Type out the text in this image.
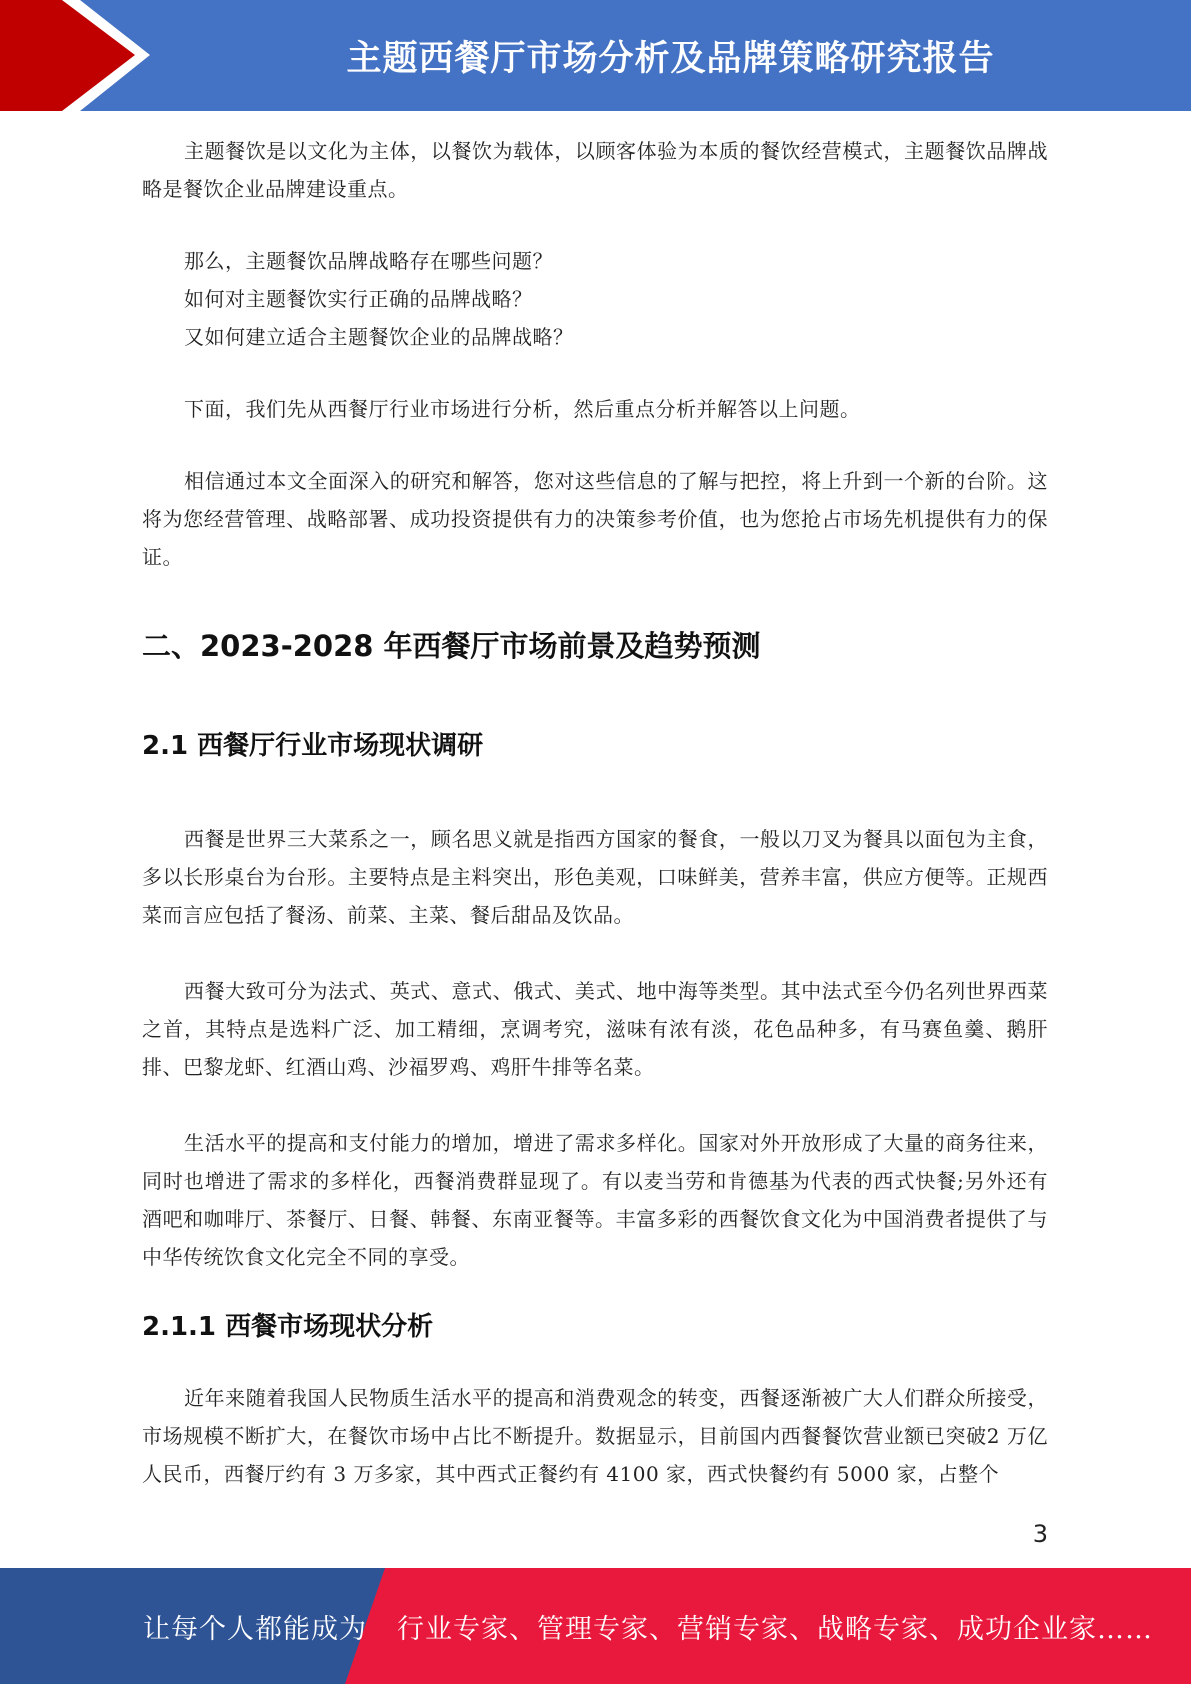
主题西餐厅市场分析及品牌策略研究报告

主题餐饮是以文化为主体，以餐饮为载体，以顾客体验为本质的餐饮经营模式，主题餐饮品牌战略是餐饮企业品牌建设重点。

那么，主题餐饮品牌战略存在哪些问题？

如何对主题餐饮实行正确的品牌战略？

又如何建立适合主题餐饮企业的品牌战略？

下面，我们先从西餐厅行业市场进行分析，然后重点分析并解答以上问题。

相信通过本文全面深入的研究和解答，您对这些信息的了解与把控，将上升到一个新的台阶。这将为您经营管理、战略部署、成功投资提供有力的决策参考价值，也为您抢占市场先机提供有力的保证。

二、2023-2028 年西餐厅市场前景及趋势预测
2.1 西餐厅行业市场现状调研

西餐是世界三大菜系之一，顾名思义就是指西方国家的餐食，一般以刀叉为餐具以面包为主食，多以长形桌台为台形。主要特点是主料突出，形色美观，口味鲜美，营养丰富，供应方便等。正规西菜而言应包括了餐汤、前菜、主菜、餐后甜品及饮品。

西餐大致可分为法式、英式、意式、俄式、美式、地中海等类型。其中法式至今仍名列世界西菜之首，其特点是选料广泛、加工精细，烹调考究，滋味有浓有淡，花色品种多，有马赛鱼羹、鹅肝排、巴黎龙虾、红酒山鸡、沙福罗鸡、鸡肝牛排等名菜。

生活水平的提高和支付能力的增加，增进了需求多样化。国家对外开放形成了大量的商务往来，同时也增进了需求的多样化，西餐消费群显现了。有以麦当劳和肯德基为代表的西式快餐;另外还有酒吧和咖啡厅、茶餐厅、日餐、韩餐、东南亚餐等。丰富多彩的西餐饮食文化为中国消费者提供了与中华传统饮食文化完全不同的享受。

2.1.1 西餐市场现状分析

近年来随着我国人民物质生活水平的提高和消费观念的转变，西餐逐渐被广大人们群众所接受，市场规模不断扩大，在餐饮市场中占比不断提升。数据显示，目前国内西餐餐饮营业额已突破2 万亿人民币，西餐厅约有 3 万多家，其中西式正餐约有 4100 家，西式快餐约有 5000 家，占整个

3
让每个人都能成为 行业专家、管理专家、营销专家、战略专家、成功企业家……
